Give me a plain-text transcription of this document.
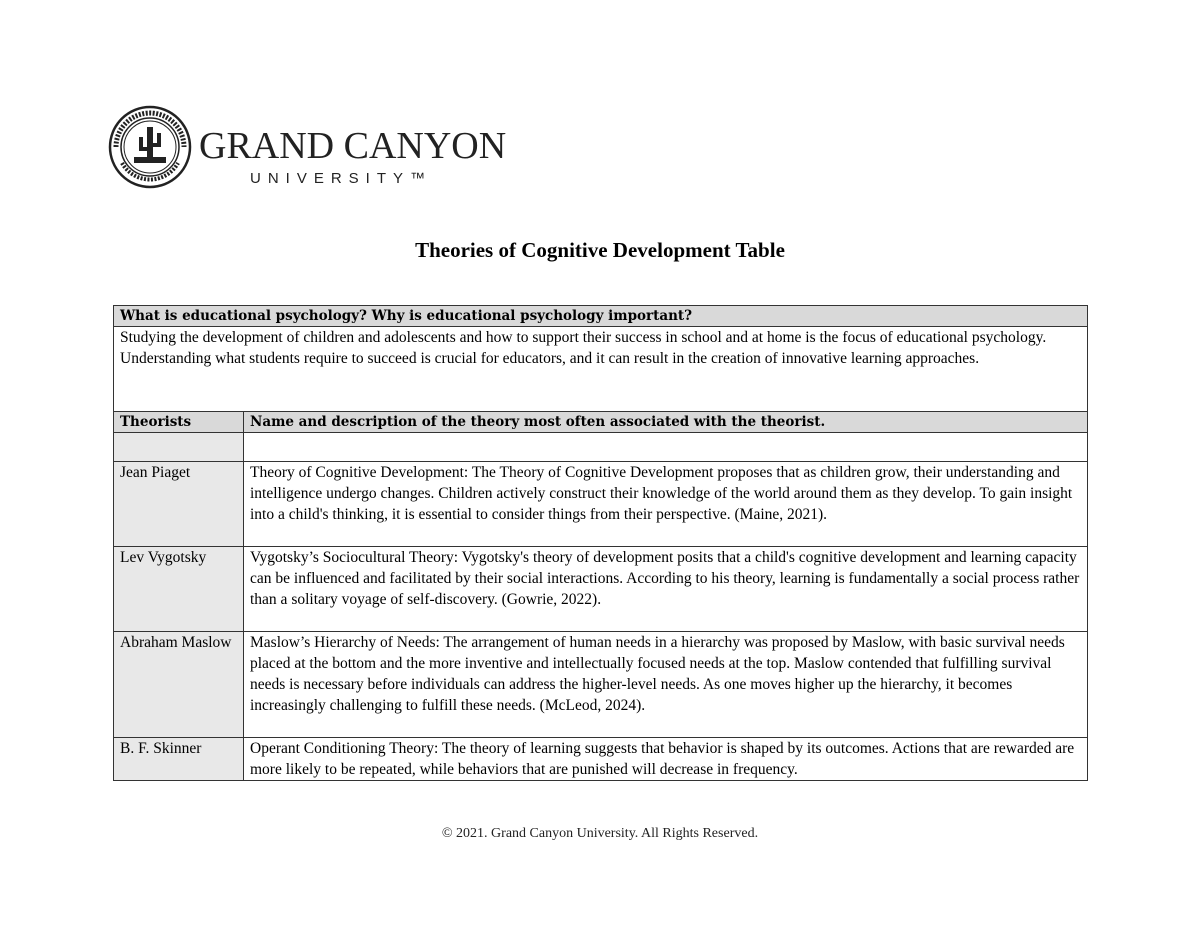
GRAND CANYON
UNIVERSITY™
Theories of Cognitive Development Table
What is educational psychology? Why is educational psychology important?	
Studying the development of children and adolescents and how to support their success in school and at home is the focus of educational psychology. Understanding what students require to succeed is crucial for educators, and it can result in the creation of innovative learning approaches.	
Theorists	Name and description of the theory most often associated with the theorist.

Jean Piaget	Theory of Cognitive Development: The Theory of Cognitive Development proposes that as children grow, their understanding and intelligence undergo changes. Children actively construct their knowledge of the world around them as they develop. To gain insight into a child's thinking, it is essential to consider things from their perspective. (Maine, 2021).
Lev Vygotsky	Vygotsky’s Sociocultural Theory: Vygotsky's theory of development posits that a child's cognitive development and learning capacity can be influenced and facilitated by their social interactions. According to his theory, learning is fundamentally a social process rather than a solitary voyage of self-discovery. (Gowrie, 2022).
Abraham Maslow	Maslow’s Hierarchy of Needs: The arrangement of human needs in a hierarchy was proposed by Maslow, with basic survival needs placed at the bottom and the more inventive and intellectually focused needs at the top. Maslow contended that fulfilling survival needs is necessary before individuals can address the higher-level needs. As one moves higher up the hierarchy, it becomes increasingly challenging to fulfill these needs. (McLeod, 2024).
B. F. Skinner	Operant Conditioning Theory: The theory of learning suggests that behavior is shaped by its outcomes. Actions that are rewarded are more likely to be repeated, while behaviors that are punished will decrease in frequency.
© 2021. Grand Canyon University. All Rights Reserved.
